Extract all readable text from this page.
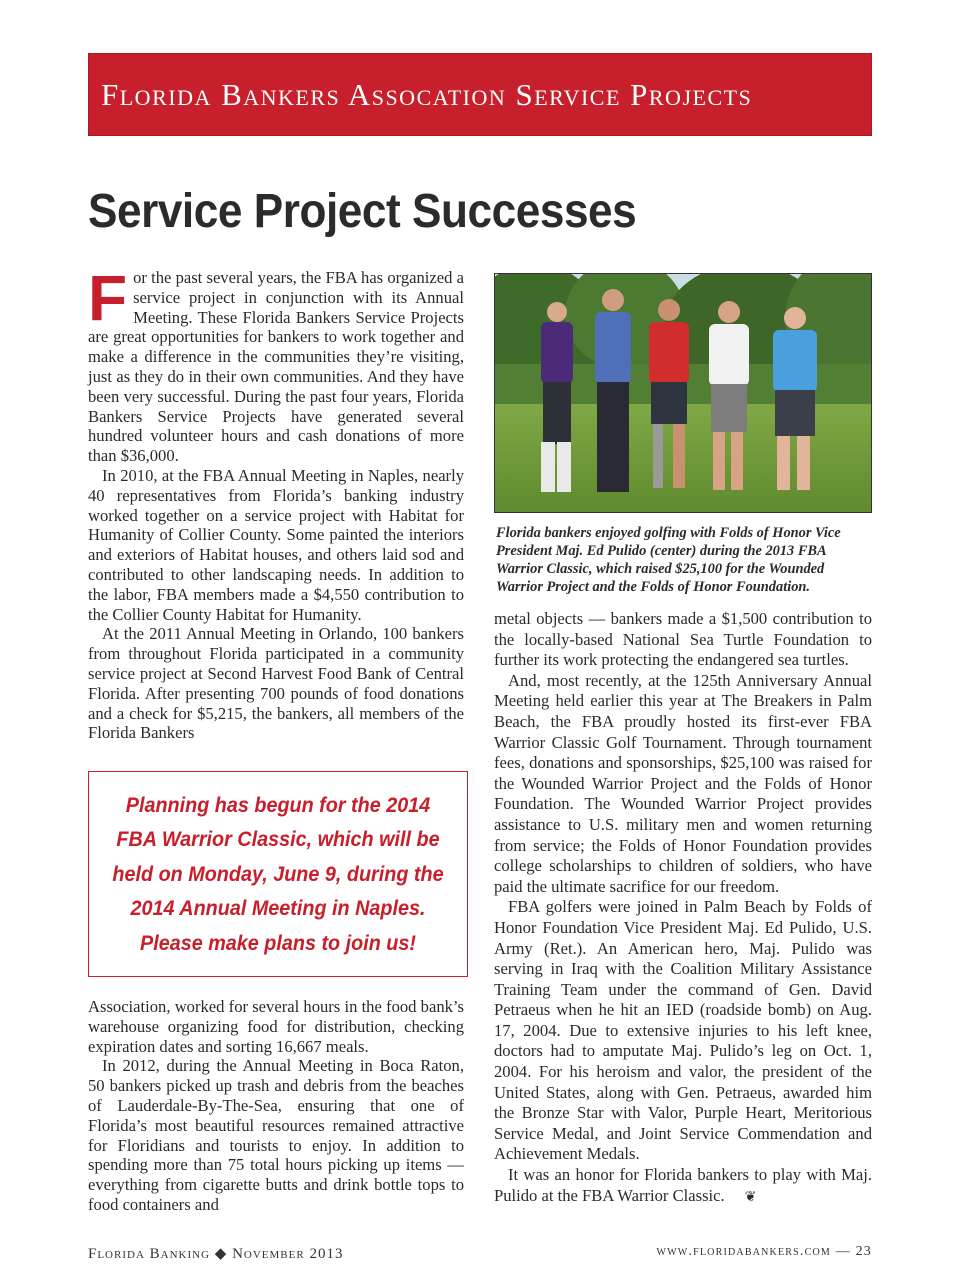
Florida Bankers Assocation Service Projects
Service Project Successes

For the past several years, the FBA has organized a service project in conjunction with its Annual Meeting. These Florida Bankers Service Projects are great opportunities for bankers to work together and make a difference in the communities they’re visiting, just as they do in their own communities. And they have been very successful. During the past four years, Florida Bankers Service Projects have generated several hundred volunteer hours and cash donations of more than $36,000.

In 2010, at the FBA Annual Meeting in Naples, nearly 40 representatives from Florida’s banking industry worked together on a service project with Habitat for Humanity of Collier County. Some painted the interiors and exteriors of Habitat houses, and others laid sod and contributed to other landscaping needs. In addition to the labor, FBA members made a $4,550 contribution to the Collier County Habitat for Humanity.

At the 2011 Annual Meeting in Orlando, 100 bankers from throughout Florida participated in a community service project at Second Harvest Food Bank of Central Florida. After presenting 700 pounds of food donations and a check for $5,215, the bankers, all members of the Florida Bankers

Planning has begun for the 2014 FBA Warrior Classic, which will be held on Monday, June 9, during the 2014 Annual Meeting in Naples. Please make plans to join us!

Association, worked for several hours in the food bank’s warehouse organizing food for distribution, checking expiration dates and sorting 16,667 meals.

In 2012, during the Annual Meeting in Boca Raton, 50 bankers picked up trash and debris from the beaches of Lauderdale-By-The-Sea, ensuring that one of Florida’s most beautiful resources remained attractive for Floridians and tourists to enjoy. In addition to spending more than 75 total hours picking up items — everything from cigarette butts and drink bottle tops to food containers and

Florida bankers enjoyed golfing with Folds of Honor Vice President Maj. Ed Pulido (center) during the 2013 FBA Warrior Classic, which raised $25,100 for the Wounded Warrior Project and the Folds of Honor Foundation.

metal objects — bankers made a $1,500 contribution to the locally-based National Sea Turtle Foundation to further its work protecting the endangered sea turtles.

And, most recently, at the 125th Anniversary Annual Meeting held earlier this year at The Breakers in Palm Beach, the FBA proudly hosted its first-ever FBA Warrior Classic Golf Tournament. Through tournament fees, donations and sponsorships, $25,100 was raised for the Wounded Warrior Project and the Folds of Honor Foundation. The Wounded Warrior Project provides assistance to U.S. military men and women returning from service; the Folds of Honor Foundation provides college scholarships to children of soldiers, who have paid the ultimate sacrifice for our freedom.

FBA golfers were joined in Palm Beach by Folds of Honor Foundation Vice President Maj. Ed Pulido, U.S. Army (Ret.). An American hero, Maj. Pulido was serving in Iraq with the Coalition Military Assistance Training Team under the command of Gen. David Petraeus when he hit an IED (roadside bomb) on Aug. 17, 2004. Due to extensive injuries to his left knee, doctors had to amputate Maj. Pulido’s leg on Oct. 1, 2004. For his heroism and valor, the president of the United States, along with Gen. Petraeus, awarded him the Bronze Star with Valor, Purple Heart, Meritorious Service Medal, and Joint Service Commendation and Achievement Medals.

It was an honor for Florida bankers to play with Maj. Pulido at the FBA Warrior Classic. ❦

Florida Banking ◆ November 2013	www.floridabankers.com — 23
